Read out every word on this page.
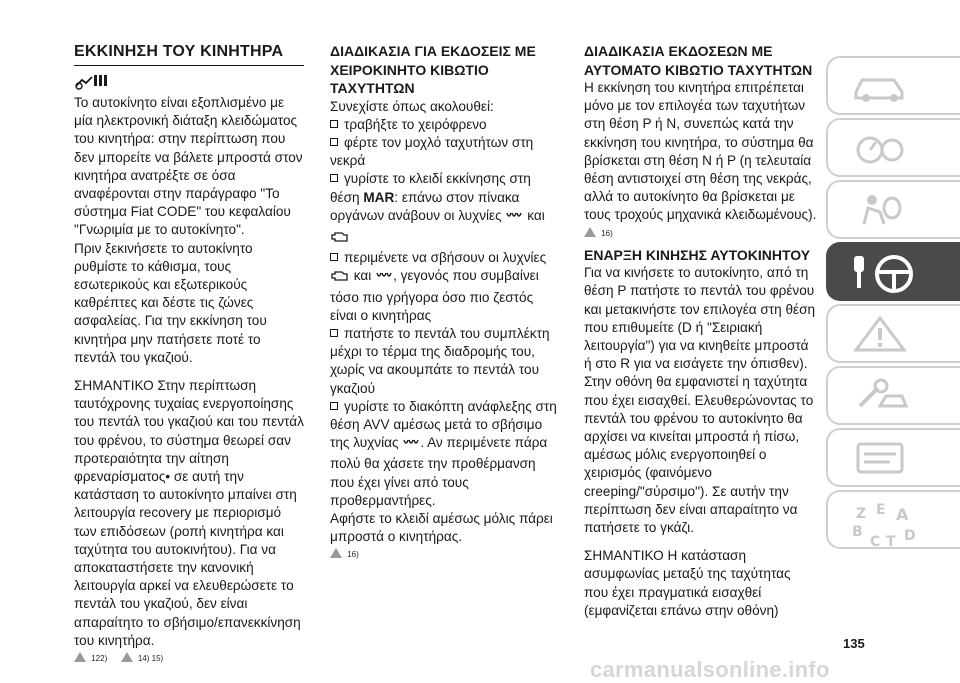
ΕΚΚΙΝΗΣΗ ΤΟΥ ΚΙΝΗΤΗΡΑ

Το αυτοκίνητο είναι εξοπλισμένο με μία ηλεκτρονική διάταξη κλειδώματος του κινητήρα: στην περίπτωση που δεν μπορείτε να βάλετε μπροστά στον κινητήρα ανατρέξτε σε όσα αναφέρονται στην παράγραφο "Το σύστημα Fiat CODE" του κεφαλαίου "Γνωριμία με το αυτοκίνητο".

Πριν ξεκινήσετε το αυτοκίνητο ρυθμίστε το κάθισμα, τους εσωτερικούς και εξωτερικούς καθρέπτες και δέστε τις ζώνες ασφαλείας. Για την εκκίνηση του κινητήρα μην πατήσετε ποτέ το πεντάλ του γκαζιού.

ΣΗΜΑΝΤΙΚΟ Στην περίπτωση ταυτόχρονης τυχαίας ενεργοποίησης του πεντάλ του γκαζιού και του πεντάλ του φρένου, το σύστημα θεωρεί σαν προτεραιότητα την αίτηση φρεναρίσματος• σε αυτή την κατάσταση το αυτοκίνητο μπαίνει στη λειτουργία recovery με περιορισμό των επιδόσεων (ροπή κινητήρα και ταχύτητα του αυτοκινήτου). Για να αποκαταστήσετε την κανονική λειτουργία αρκεί να ελευθερώσετε το πεντάλ του γκαζιού, δεν είναι απαραίτητο το σβήσιμο/επανεκκίνηση του κινητήρα.

122)	14) 15)
ΔΙΑΔΙΚΑΣΙΑ ΓΙΑ ΕΚΔΟΣΕΙΣ ΜΕ ΧΕΙΡΟΚΙΝΗΤΟ ΚΙΒΩΤΙΟ ΤΑΧΥΤΗΤΩΝ

Συνεχίστε όπως ακολουθεί:

τραβήξτε το χειρόφρενο

φέρτε τον μοχλό ταχυτήτων στη νεκρά

γυρίστε το κλειδί εκκίνησης στη θέση MAR: επάνω στον πίνακα οργάνων ανάβουν οι λυχνίες και

περιμένετε να σβήσουν οι λυχνίες  και , γεγονός που συμβαίνει τόσο πιο γρήγορα όσο πιο ζεστός είναι ο κινητήρας

πατήστε το πεντάλ του συμπλέκτη μέχρι το τέρμα της διαδρομής του, χωρίς να ακουμπάτε το πεντάλ του γκαζιού

γυρίστε το διακόπτη ανάφλεξης στη θέση AVV αμέσως μετά το σβήσιμο της λυχνίας . Αν περιμένετε πάρα πολύ θα χάσετε την προθέρμανση που έχει γίνει από τους προθερμαντήρες.

Αφήστε το κλειδί αμέσως μόλις πάρει μπροστά ο κινητήρας.

16)
ΔΙΑΔΙΚΑΣΙΑ ΕΚΔΟΣΕΩΝ ΜΕ ΑΥΤΟΜΑΤΟ ΚΙΒΩΤΙΟ ΤΑΧΥΤΗΤΩΝ

Η εκκίνηση του κινητήρα επιτρέπεται μόνο με τον επιλογέα των ταχυτήτων στη θέση P ή N, συνεπώς κατά την εκκίνηση του κινητήρα, το σύστημα θα βρίσκεται στη θέση N ή P (η τελευταία θέση αντιστοιχεί στη θέση της νεκράς, αλλά το αυτοκίνητο θα βρίσκεται με τους τροχούς μηχανικά κλειδωμένους).

16)
ΕΝΑΡΞΗ ΚΙΝΗΣΗΣ ΑΥΤΟΚΙΝΗΤΟΥ

Για να κινήσετε το αυτοκίνητο, από τη θέση P πατήστε το πεντάλ του φρένου και μετακινήστε τον επιλογέα στη θέση που επιθυμείτε (D ή "Σειριακή λειτουργία") για να κινηθείτε μπροστά ή στο R για να εισάγετε την όπισθεν). Στην οθόνη θα εμφανιστεί η ταχύτητα που έχει εισαχθεί. Ελευθερώνοντας το πεντάλ του φρένου το αυτοκίνητο θα αρχίσει να κινείται μπροστά ή πίσω, αμέσως μόλις ενεργοποιηθεί ο χειρισμός (φαινόμενο creeping/"σύρσιμο"). Σε αυτήν την περίπτωση δεν είναι απαραίτητο να πατήσετε το γκάζι.

ΣΗΜΑΝΤΙΚΟ Η κατάσταση ασυμφωνίας μεταξύ της ταχύτητας που έχει πραγματικά εισαχθεί (εμφανίζεται επάνω στην οθόνη)

Z E A
B
C T D
135
carmanualsonline.info
